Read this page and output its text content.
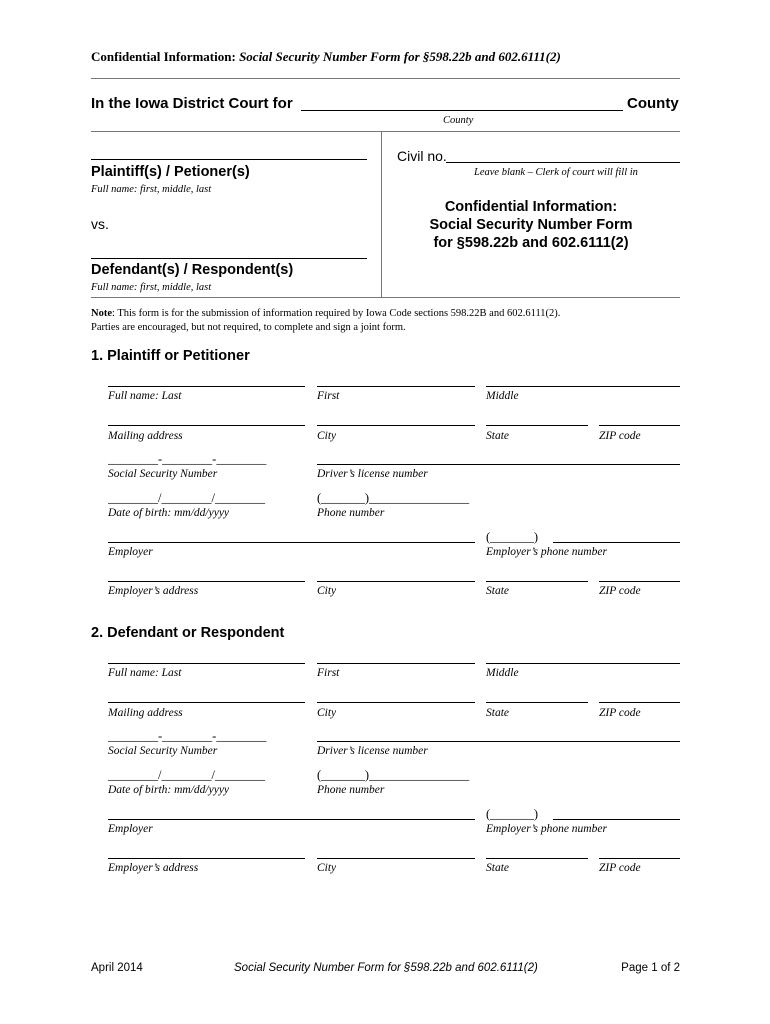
Confidential Information: Social Security Number Form for §598.22b and 602.6111(2)
In the Iowa District Court for	County
County
Plaintiff(s) / Petioner(s)
Full name: first, middle, last
vs.
Defendant(s) / Respondent(s)
Full name: first, middle, last
Civil no.
Leave blank – Clerk of court will fill in
Confidential Information:
Social Security Number Form
for §598.22b and 602.6111(2)
Note: This form is for the submission of information required by Iowa Code sections 598.22B and 602.6111(2).
Parties are encouraged, but not required, to complete and sign a joint form.
1. Plaintiff or Petitioner
Full name: Last	First	Middle
Mailing address	City	State	ZIP code
________-________-________
Social Security Number	Driver’s license number
________/________/________	(_______)________________
Date of birth: mm/dd/yyyy	Phone number
(_______)
Employer	Employer’s phone number
Employer’s address	City	State	ZIP code
2. Defendant or Respondent
Full name: Last	First	Middle
Mailing address	City	State	ZIP code
________-________-________
Social Security Number	Driver’s license number
________/________/________	(_______)________________
Date of birth: mm/dd/yyyy	Phone number
(_______)
Employer	Employer’s phone number
Employer’s address	City	State	ZIP code
April 2014	Social Security Number Form for §598.22b and 602.6111(2)	Page 1 of 2
